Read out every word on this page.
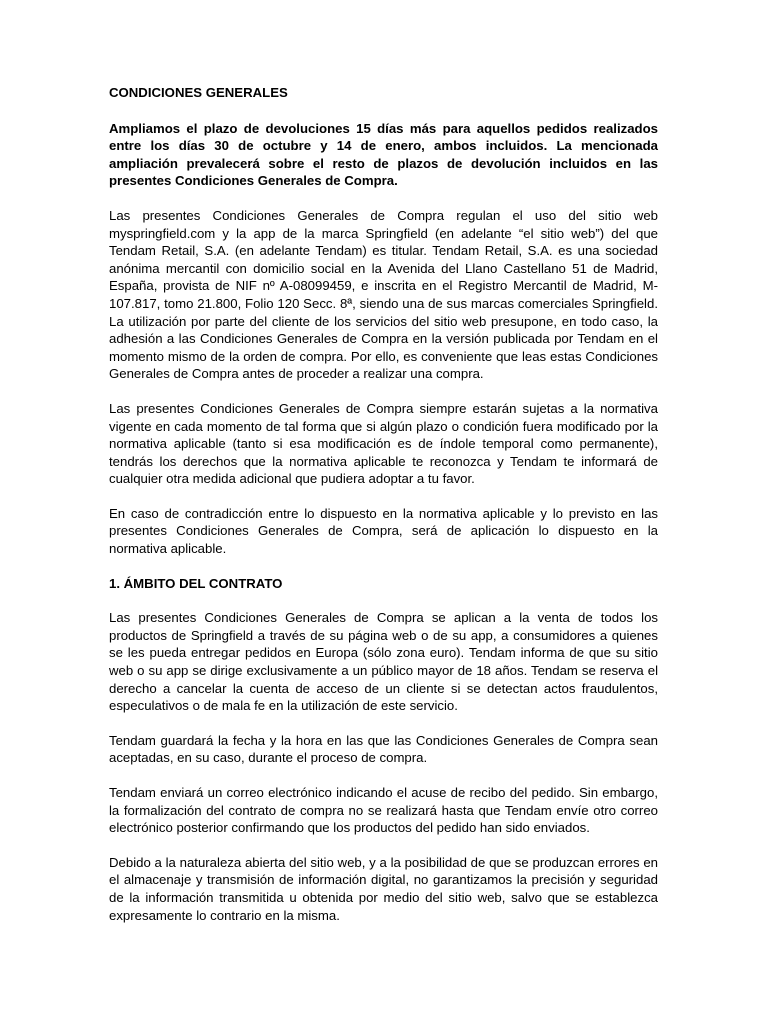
CONDICIONES GENERALES

Ampliamos el plazo de devoluciones 15 días más para aquellos pedidos realizados entre los días 30 de octubre y 14 de enero, ambos incluidos. La mencionada ampliación prevalecerá sobre el resto de plazos de devolución incluidos en las presentes Condiciones Generales de Compra.

Las presentes Condiciones Generales de Compra regulan el uso del sitio web myspringfield.com y la app de la marca Springfield (en adelante “el sitio web”) del que Tendam Retail, S.A. (en adelante Tendam) es titular. Tendam Retail, S.A. es una sociedad anónima mercantil con domicilio social en la Avenida del Llano Castellano 51 de Madrid, España, provista de NIF nº A-08099459, e inscrita en el Registro Mercantil de Madrid, M-107.817, tomo 21.800, Folio 120 Secc. 8ª, siendo una de sus marcas comerciales Springfield. La utilización por parte del cliente de los servicios del sitio web presupone, en todo caso, la adhesión a las Condiciones Generales de Compra en la versión publicada por Tendam en el momento mismo de la orden de compra. Por ello, es conveniente que leas estas Condiciones Generales de Compra antes de proceder a realizar una compra.

Las presentes Condiciones Generales de Compra siempre estarán sujetas a la normativa vigente en cada momento de tal forma que si algún plazo o condición fuera modificado por la normativa aplicable (tanto si esa modificación es de índole temporal como permanente), tendrás los derechos que la normativa aplicable te reconozca y Tendam te informará de cualquier otra medida adicional que pudiera adoptar a tu favor.

En caso de contradicción entre lo dispuesto en la normativa aplicable y lo previsto en las presentes Condiciones Generales de Compra, será de aplicación lo dispuesto en la normativa aplicable.

1. ÁMBITO DEL CONTRATO

Las presentes Condiciones Generales de Compra se aplican a la venta de todos los productos de Springfield a través de su página web o de su app, a consumidores a quienes se les pueda entregar pedidos en Europa (sólo zona euro). Tendam informa de que su sitio web o su app se dirige exclusivamente a un público mayor de 18 años. Tendam se reserva el derecho a cancelar la cuenta de acceso de un cliente si se detectan actos fraudulentos, especulativos o de mala fe en la utilización de este servicio.

Tendam guardará la fecha y la hora en las que las Condiciones Generales de Compra sean aceptadas, en su caso, durante el proceso de compra.

Tendam enviará un correo electrónico indicando el acuse de recibo del pedido. Sin embargo, la formalización del contrato de compra no se realizará hasta que Tendam envíe otro correo electrónico posterior confirmando que los productos del pedido han sido enviados.

Debido a la naturaleza abierta del sitio web, y a la posibilidad de que se produzcan errores en el almacenaje y transmisión de información digital, no garantizamos la precisión y seguridad de la información transmitida u obtenida por medio del sitio web, salvo que se establezca expresamente lo contrario en la misma.
